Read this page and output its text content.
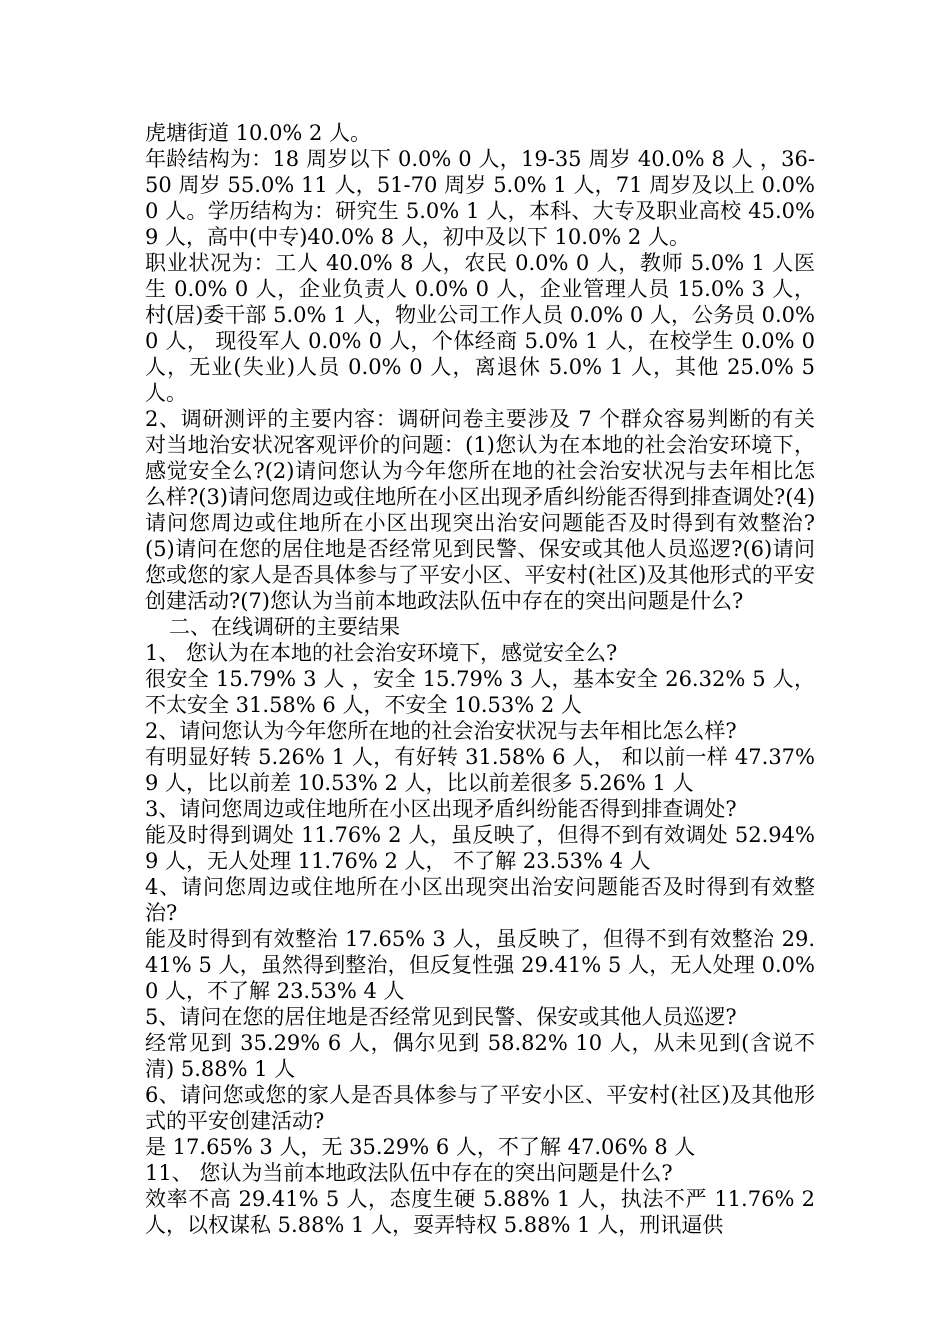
虎塘街道 10.0% 2 人。

年龄结构为：18 周岁以下 0.0% 0 人，19-35 周岁 40.0% 8 人 ，36-50 周岁 55.0% 11 人，51-70 周岁 5.0% 1 人，71 周岁及以上 0.0% 0 人。学历结构为：研究生 5.0% 1 人，本科、大专及职业高校 45.0% 9 人，高中(中专)40.0% 8 人，初中及以下 10.0% 2 人。

职业状况为：工人 40.0% 8 人，农民 0.0% 0 人，教师 5.0% 1 人医生 0.0% 0 人，企业负责人 0.0% 0 人，企业管理人员 15.0% 3 人，村(居)委干部 5.0% 1 人，物业公司工作人员 0.0% 0 人，公务员 0.0% 0 人， 现役军人 0.0% 0 人，个体经商 5.0% 1 人，在校学生 0.0% 0 人，无业(失业)人员 0.0% 0 人，离退休 5.0% 1 人，其他 25.0% 5 人。

2、调研测评的主要内容：调研问卷主要涉及 7 个群众容易判断的有关对当地治安状况客观评价的问题：(1)您认为在本地的社会治安环境下，感觉安全么?(2)请问您认为今年您所在地的社会治安状况与去年相比怎么样?(3)请问您周边或住地所在小区出现矛盾纠纷能否得到排查调处?(4)请问您周边或住地所在小区出现突出治安问题能否及时得到有效整治?(5)请问在您的居住地是否经常见到民警、保安或其他人员巡逻?(6)请问您或您的家人是否具体参与了平安小区、平安村(社区)及其他形式的平安创建活动?(7)您认为当前本地政法队伍中存在的突出问题是什么?

二、在线调研的主要结果

1、 您认为在本地的社会治安环境下，感觉安全么?

很安全 15.79% 3 人 ，安全 15.79% 3 人，基本安全 26.32% 5 人，不太安全 31.58% 6 人，不安全 10.53% 2 人

2、请问您认为今年您所在地的社会治安状况与去年相比怎么样?

有明显好转 5.26% 1 人，有好转 31.58% 6 人， 和以前一样 47.37% 9 人，比以前差 10.53% 2 人，比以前差很多 5.26% 1 人

3、请问您周边或住地所在小区出现矛盾纠纷能否得到排查调处?

能及时得到调处 11.76% 2 人，虽反映了，但得不到有效调处 52.94% 9 人，无人处理 11.76% 2 人， 不了解 23.53% 4 人

4、请问您周边或住地所在小区出现突出治安问题能否及时得到有效整治?

能及时得到有效整治 17.65% 3 人，虽反映了，但得不到有效整治 29.41% 5 人，虽然得到整治，但反复性强 29.41% 5 人，无人处理 0.0% 0 人，不了解 23.53% 4 人

5、请问在您的居住地是否经常见到民警、保安或其他人员巡逻?

经常见到 35.29% 6 人，偶尔见到 58.82% 10 人，从未见到(含说不清) 5.88% 1 人

6、请问您或您的家人是否具体参与了平安小区、平安村(社区)及其他形式的平安创建活动?

是 17.65% 3 人，无 35.29% 6 人，不了解 47.06% 8 人

11、 您认为当前本地政法队伍中存在的突出问题是什么?

效率不高 29.41% 5 人，态度生硬 5.88% 1 人，执法不严 11.76% 2 人，以权谋私 5.88% 1 人，耍弄特权 5.88% 1 人，刑讯逼供
